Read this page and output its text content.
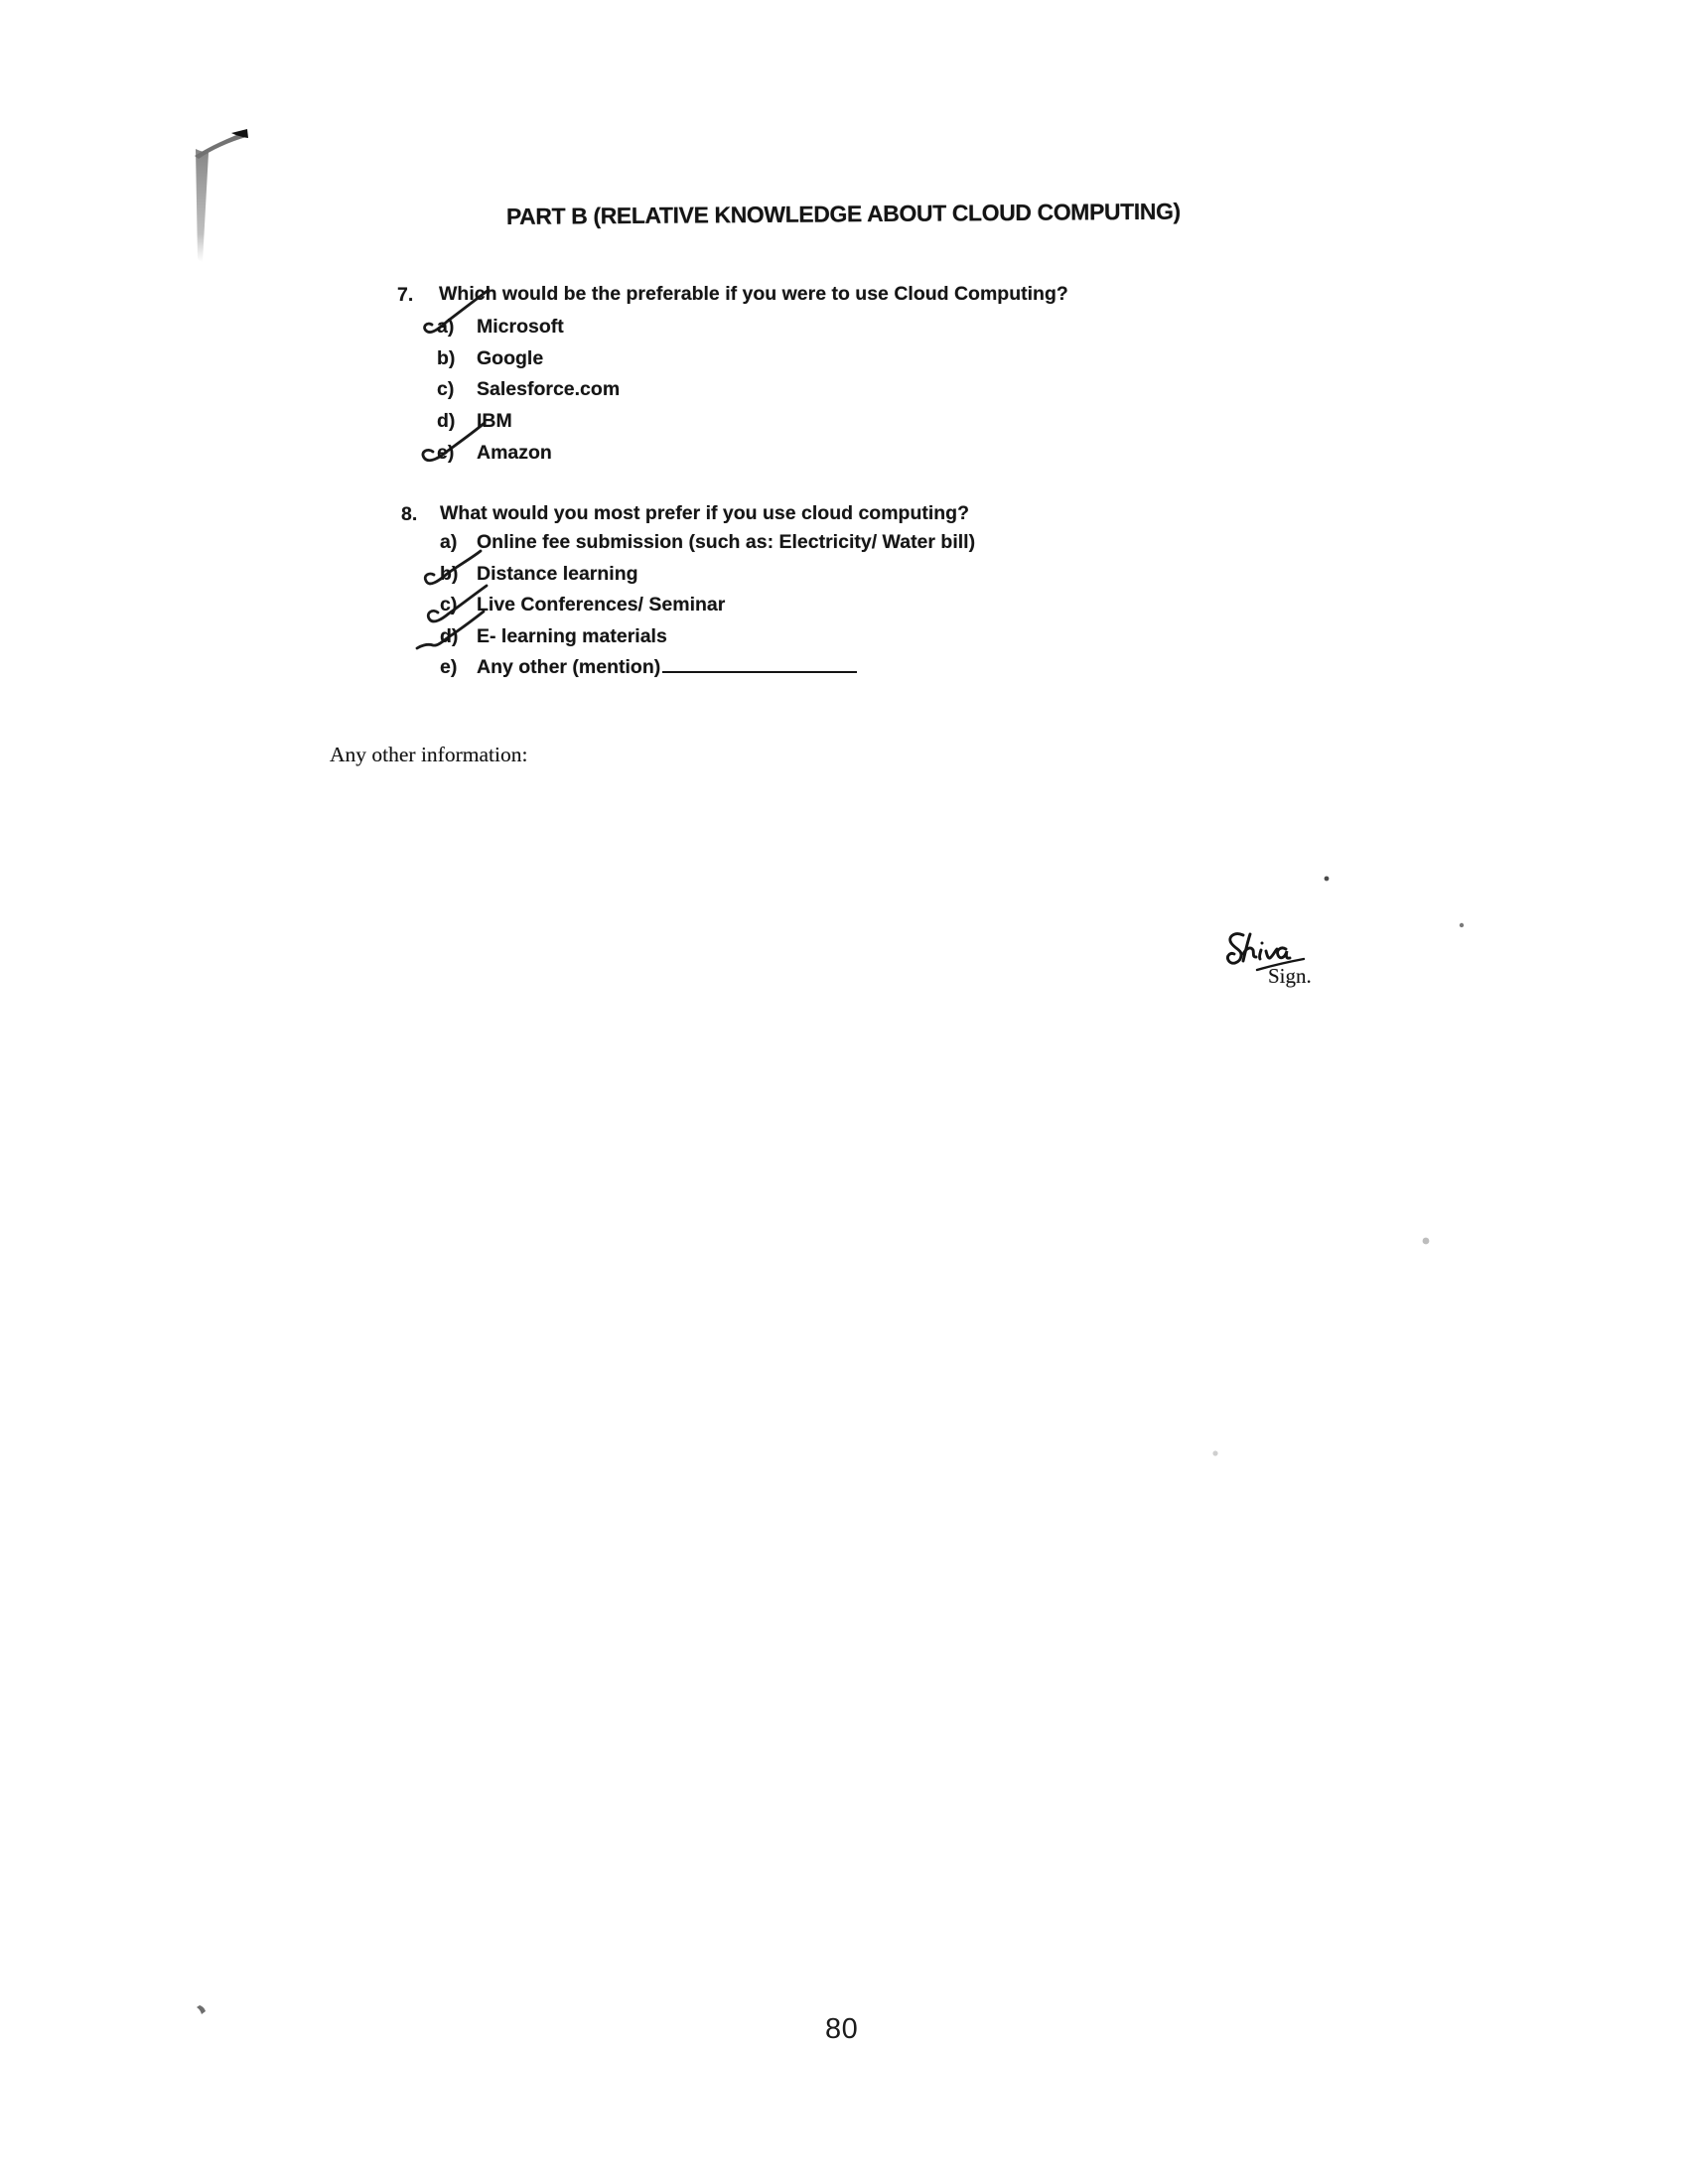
PART B (RELATIVE KNOWLEDGE ABOUT CLOUD COMPUTING)
7.	Which would be the preferable if you were to use Cloud Computing?
a) Microsoft
b) Google
c) Salesforce.com
d) IBM
e) Amazon
8.	What would you most prefer if you use cloud computing?
a) Online fee submission (such as: Electricity/ Water bill)
b) Distance learning
c) Live Conferences/ Seminar
d) E- learning materials
e) Any other (mention)
Any other information:
Sign.
80
